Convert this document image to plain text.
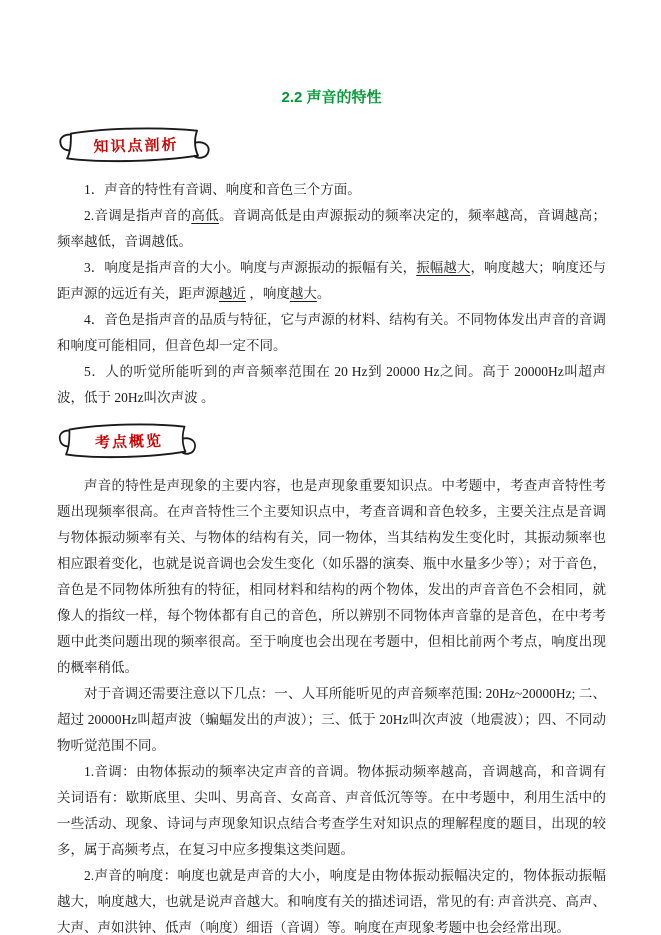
2.2 声音的特性
知识点剖析

1．声音的特性有音调、响度和音色三个方面。

2.音调是指声音的高低。音调高低是由声源振动的频率决定的，频率越高，音调越高；频率越低，音调越低。

3．响度是指声音的大小。响度与声源振动的振幅有关，振幅越大，响度越大；响度还与距声源的远近有关，距声源越近 ，响度越大。

4．音色是指声音的品质与特征，它与声源的材料、结构有关。不同物体发出声音的音调和响度可能相同，但音色却一定不同。

5．人的听觉所能听到的声音频率范围在 20 Hz到 20000 Hz之间。高于 20000Hz叫超声波，低于 20Hz叫次声波 。

考点概览

声音的特性是声现象的主要内容，也是声现象重要知识点。中考题中，考查声音特性考题出现频率很高。在声音特性三个主要知识点中，考查音调和音色较多，主要关注点是音调与物体振动频率有关、与物体的结构有关，同一物体，当其结构发生变化时，其振动频率也相应跟着变化，也就是说音调也会发生变化（如乐器的演奏、瓶中水量多少等）；对于音色，音色是不同物体所独有的特征，相同材料和结构的两个物体，发出的声音音色不会相同，就像人的指纹一样，每个物体都有自己的音色，所以辨别不同物体声音靠的是音色，在中考考题中此类问题出现的频率很高。至于响度也会出现在考题中，但相比前两个考点，响度出现的概率稍低。

对于音调还需要注意以下几点：一、人耳所能听见的声音频率范围: 20Hz~20000Hz; 二、超过 20000Hz叫超声波（蝙蝠发出的声波）；三、低于 20Hz叫次声波（地震波）；四、不同动物听觉范围不同。

1.音调：由物体振动的频率决定声音的音调。物体振动频率越高，音调越高，和音调有关词语有：歇斯底里、尖叫、男高音、女高音、声音低沉等等。在中考题中，利用生活中的一些活动、现象、诗词与声现象知识点结合考查学生对知识点的理解程度的题目，出现的较多，属于高频考点，在复习中应多搜集这类问题。

2.声音的响度：响度也就是声音的大小，响度是由物体振动振幅决定的，物体振动振幅越大，响度越大，也就是说声音越大。和响度有关的描述词语，常见的有: 声音洪亮、高声、大声、声如洪钟、低声（响度）细语（音调）等。响度在声现象考题中也会经常出现。
